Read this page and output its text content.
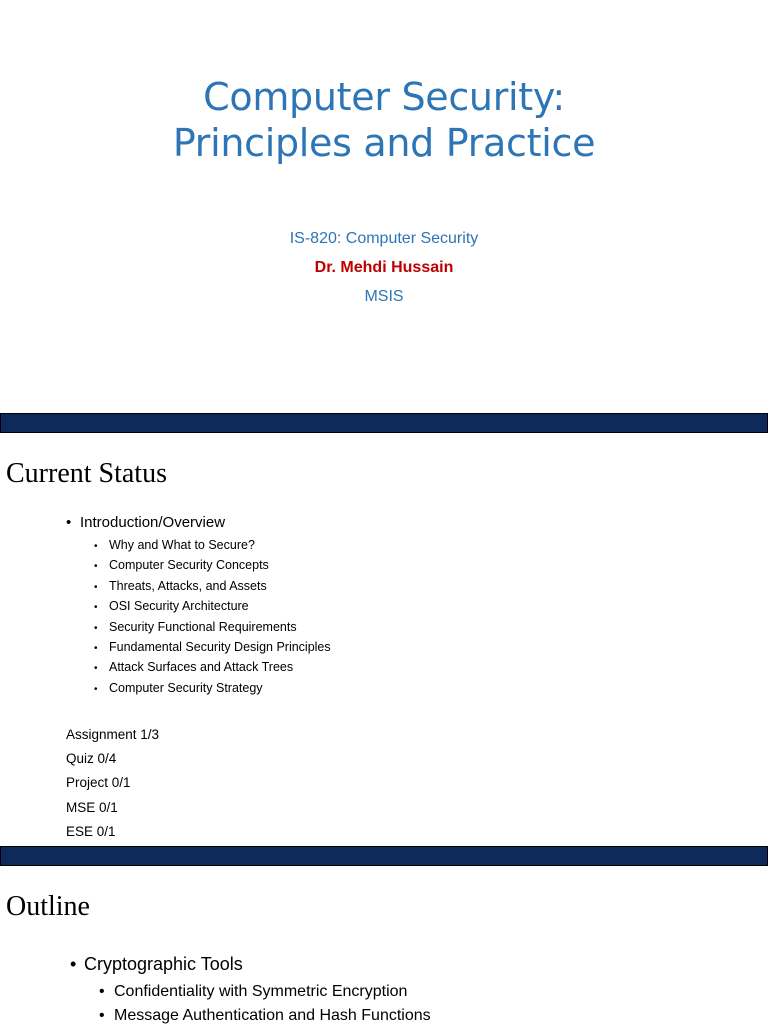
Computer Security:
Principles and Practice

IS-820: Computer Security

Dr. Mehdi Hussain

MSIS

Current Status

• Introduction/Overview

• Why and What to Secure?
• Computer Security Concepts
• Threats, Attacks, and Assets
• OSI Security Architecture
• Security Functional Requirements
• Fundamental Security Design Principles
• Attack Surfaces and Attack Trees
• Computer Security Strategy
Assignment 1/3
Quiz 0/4
Project 0/1
MSE 0/1
ESE 0/1
Outline

• Cryptographic Tools

• Confidentiality with Symmetric Encryption
• Message Authentication and Hash Functions
